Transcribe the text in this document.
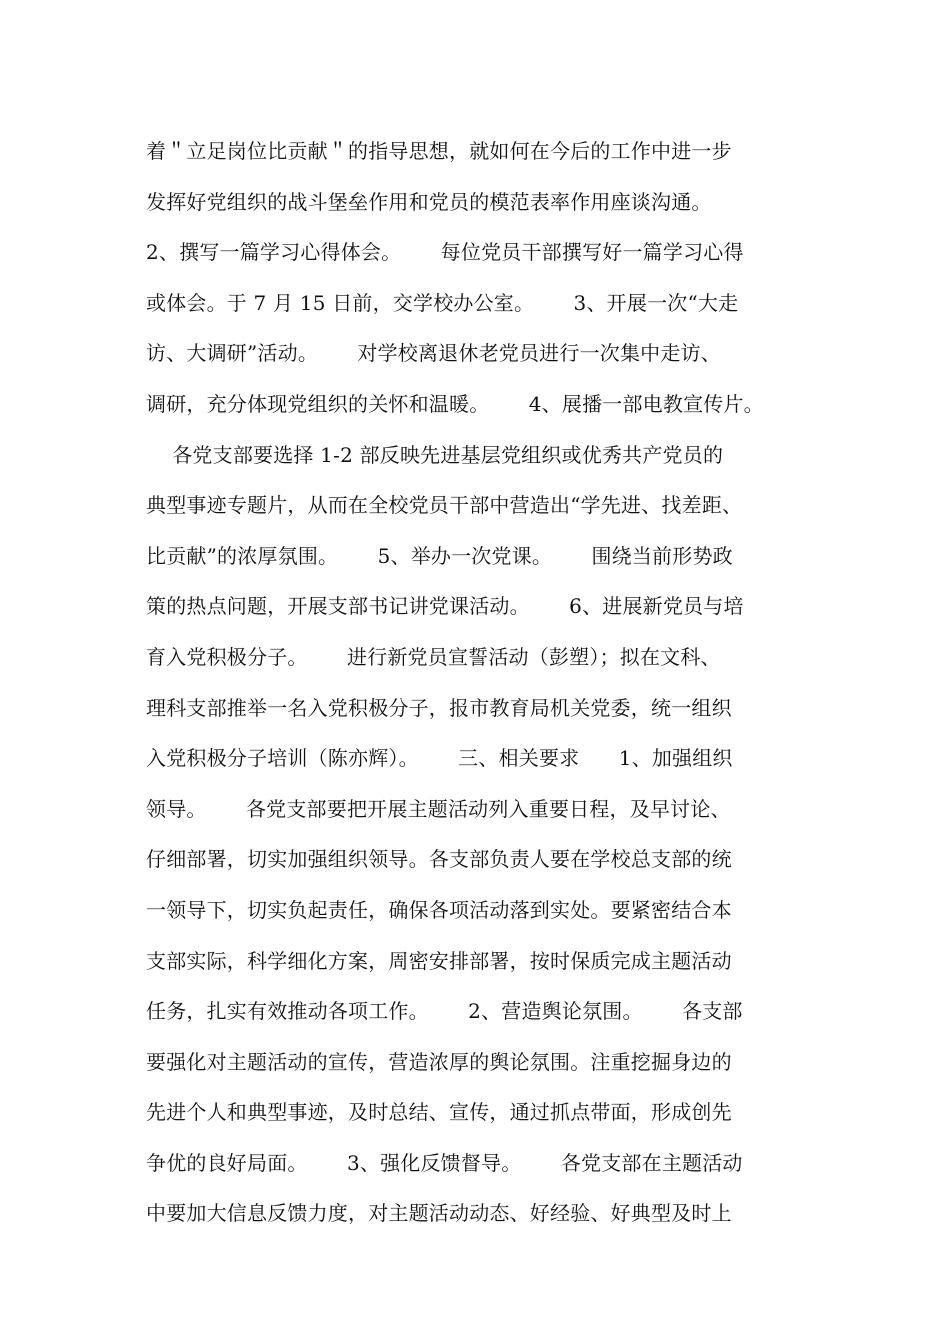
着＂立足岗位比贡献＂的指导思想，就如何在今后的工作中进一步
发挥好党组织的战斗堡垒作用和党员的模范表率作用座谈沟通。
2、撰写一篇学习心得体会。      每位党员干部撰写好一篇学习心得
或体会。于 7 月 15 日前，交学校办公室。      3、开展一次“大走
访、大调研”活动。      对学校离退休老党员进行一次集中走访、
调研，充分体现党组织的关怀和温暖。      4、展播一部电教宣传片。
各党支部要选择 1-2 部反映先进基层党组织或优秀共产党员的
典型事迹专题片，从而在全校党员干部中营造出“学先进、找差距、
比贡献”的浓厚氛围。      5、举办一次党课。      围绕当前形势政
策的热点问题，开展支部书记讲党课活动。      6、进展新党员与培
育入党积极分子。      进行新党员宣誓活动（彭塑）；拟在文科、
理科支部推举一名入党积极分子，报市教育局机关党委，统一组织
入党积极分子培训（陈亦辉）。      三、相关要求      1、加强组织
领导。      各党支部要把开展主题活动列入重要日程，及早讨论、
仔细部署，切实加强组织领导。各支部负责人要在学校总支部的统
一领导下，切实负起责任，确保各项活动落到实处。要紧密结合本
支部实际，科学细化方案，周密安排部署，按时保质完成主题活动
任务，扎实有效推动各项工作。      2、营造舆论氛围。      各支部
要强化对主题活动的宣传，营造浓厚的舆论氛围。注重挖掘身边的
先进个人和典型事迹，及时总结、宣传，通过抓点带面，形成创先
争优的良好局面。      3、强化反馈督导。      各党支部在主题活动
中要加大信息反馈力度，对主题活动动态、好经验、好典型及时上
